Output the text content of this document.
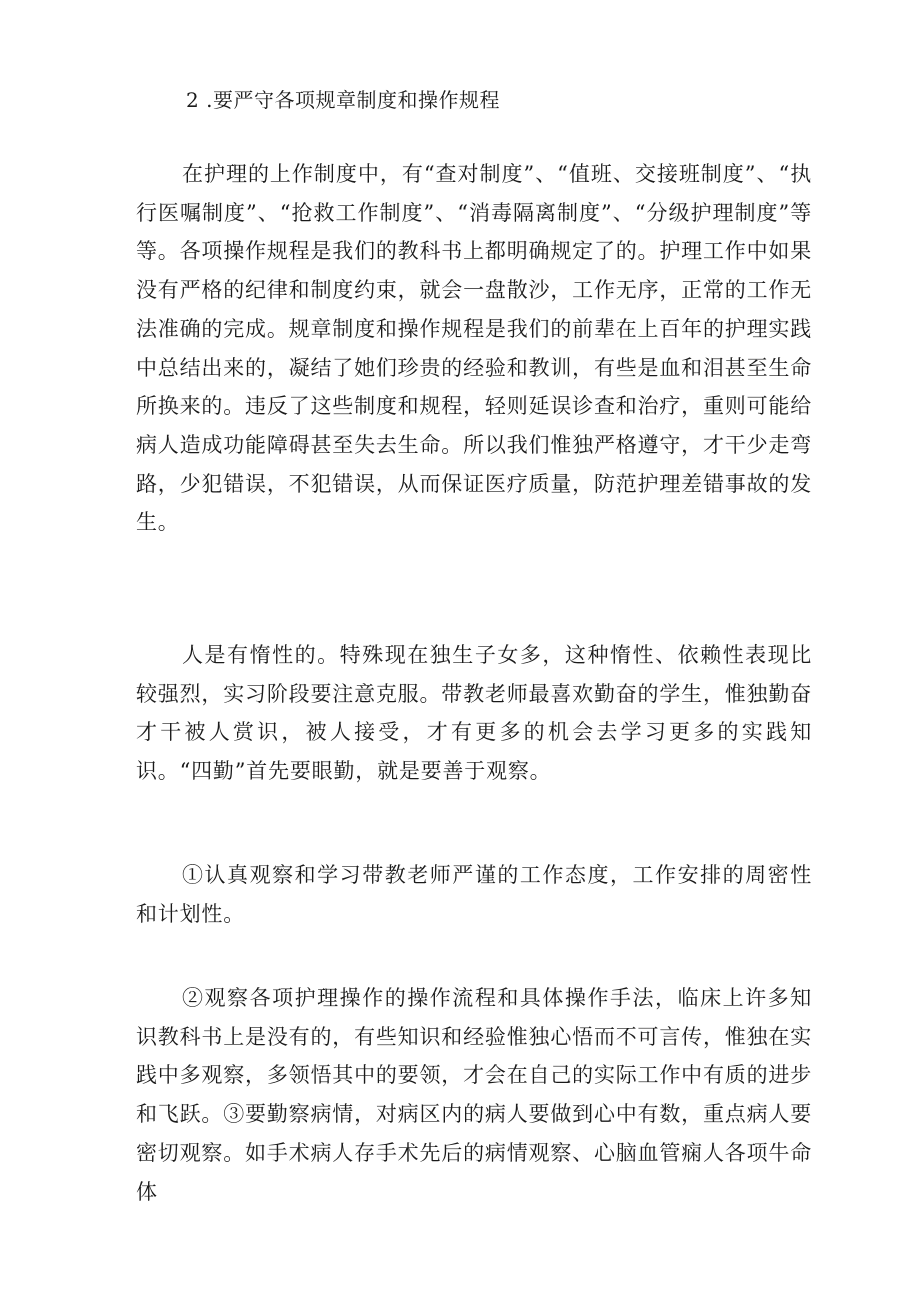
2 .要严守各项规章制度和操作规程
在护理的上作制度中，有“查对制度”、“值班、交接班制度”、“执行医嘱制度”、“抢救工作制度”、“消毒隔离制度”、“分级护理制度”等等。各项操作规程是我们的教科书上都明确规定了的。护理工作中如果没有严格的纪律和制度约束，就会一盘散沙，工作无序，正常的工作无法准确的完成。规章制度和操作规程是我们的前辈在上百年的护理实践中总结出来的，凝结了她们珍贵的经验和教训，有些是血和泪甚至生命所换来的。违反了这些制度和规程，轻则延误诊查和治疗，重则可能给病人造成功能障碍甚至失去生命。所以我们惟独严格遵守，才干少走弯路，少犯错误，不犯错误，从而保证医疗质量，防范护理差错事故的发生。
人是有惰性的。特殊现在独生子女多，这种惰性、依赖性表现比较强烈，实习阶段要注意克服。带教老师最喜欢勤奋的学生，惟独勤奋才干被人赏识，被人接受，才有更多的机会去学习更多的实践知识。“四勤”首先要眼勤，就是要善于观察。
①认真观察和学习带教老师严谨的工作态度，工作安排的周密性和计划性。
②观察各项护理操作的操作流程和具体操作手法，临床上许多知识教科书上是没有的，有些知识和经验惟独心悟而不可言传，惟独在实践中多观察，多领悟其中的要领，才会在自己的实际工作中有质的进步和飞跃。③要勤察病情，对病区内的病人要做到心中有数，重点病人要密切观察。如手术病人存手术先后的病情观察、心脑血管痫人各项牛命体
